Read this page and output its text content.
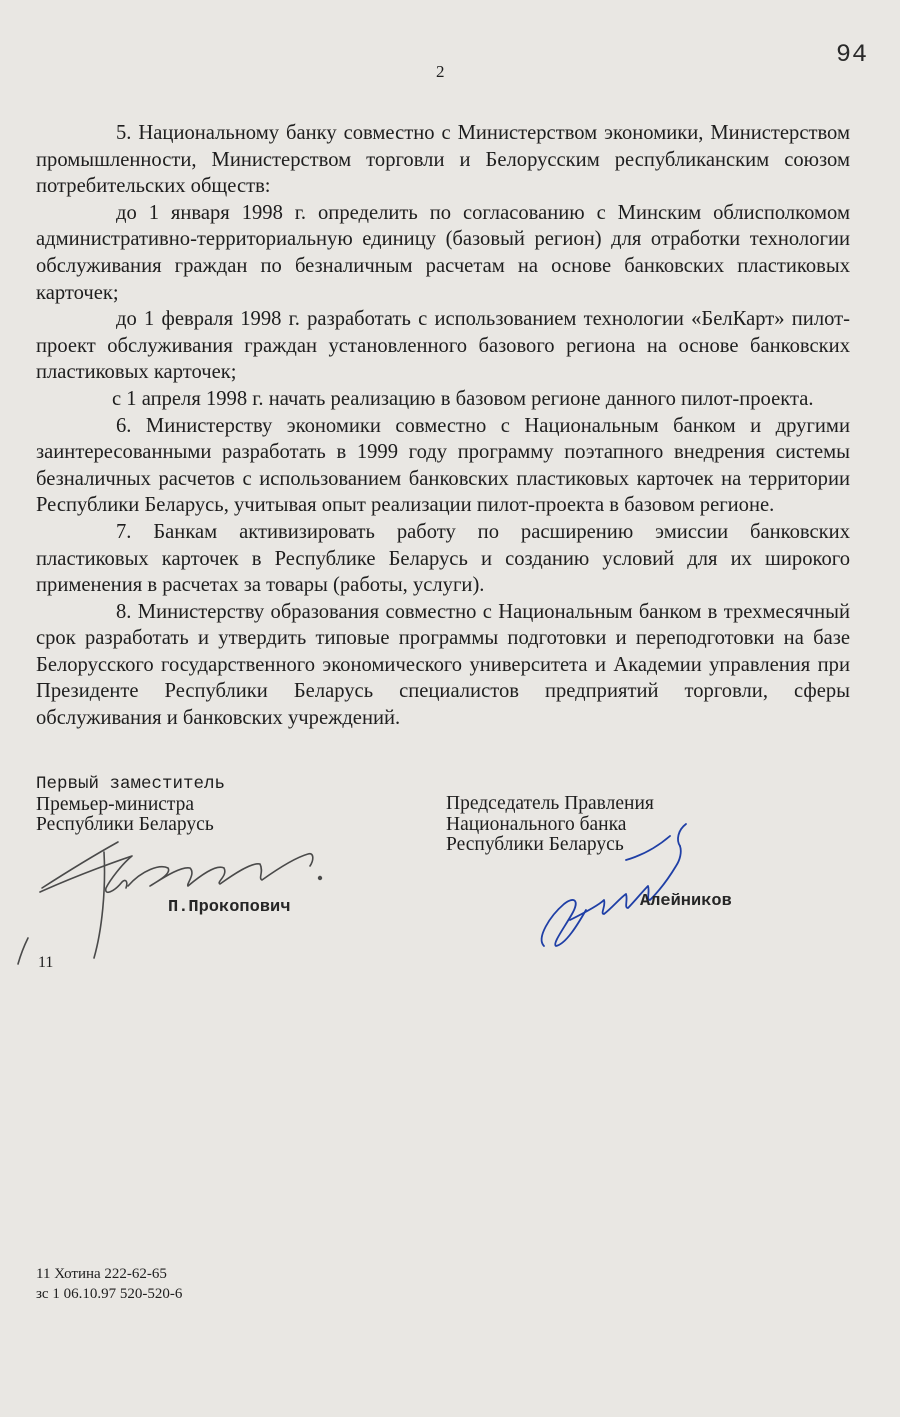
94
2

5. Национальному банку совместно с Министерством экономики, Министерством промышленности, Министерством торговли и Белорусским республиканским союзом потребительских обществ:

до 1 января 1998 г. определить по согласованию с Минским облисполкомом административно-территориальную единицу (базовый регион) для отработки технологии обслуживания граждан по безналичным расчетам на основе банковских пластиковых карточек;

до 1 февраля 1998 г. разработать с использованием технологии «БелКарт» пилот-проект обслуживания граждан установленного базового региона на основе банковских пластиковых карточек;

с 1 апреля 1998 г. начать реализацию в базовом регионе данного пилот-проекта.

6. Министерству экономики совместно с Национальным банком и другими заинтересованными разработать в 1999 году программу поэтапного внедрения системы безналичных расчетов с использованием банковских пластиковых карточек на территории Республики Беларусь, учитывая опыт реализации пилот-проекта в базовом регионе.

7. Банкам активизировать работу по расширению эмиссии банковских пластиковых карточек в Республике Беларусь и созданию условий для их широкого применения в расчетах за товары (работы, услуги).

8. Министерству образования совместно с Национальным банком в трехмесячный срок разработать и утвердить типовые программы подготовки и переподготовки на базе Белорусского государственного экономического университета и Академии управления при Президенте Республики Беларусь специалистов предприятий торговли, сферы обслуживания и банковских учреждений.

Первый заместитель
Премьер-министра
Республики Беларусь
П.Прокопович
Председатель Правления
Национального банка
Республики Беларусь
Алейников
11
11 Хотина 222-62-65
зс 1 06.10.97 520-520-6
